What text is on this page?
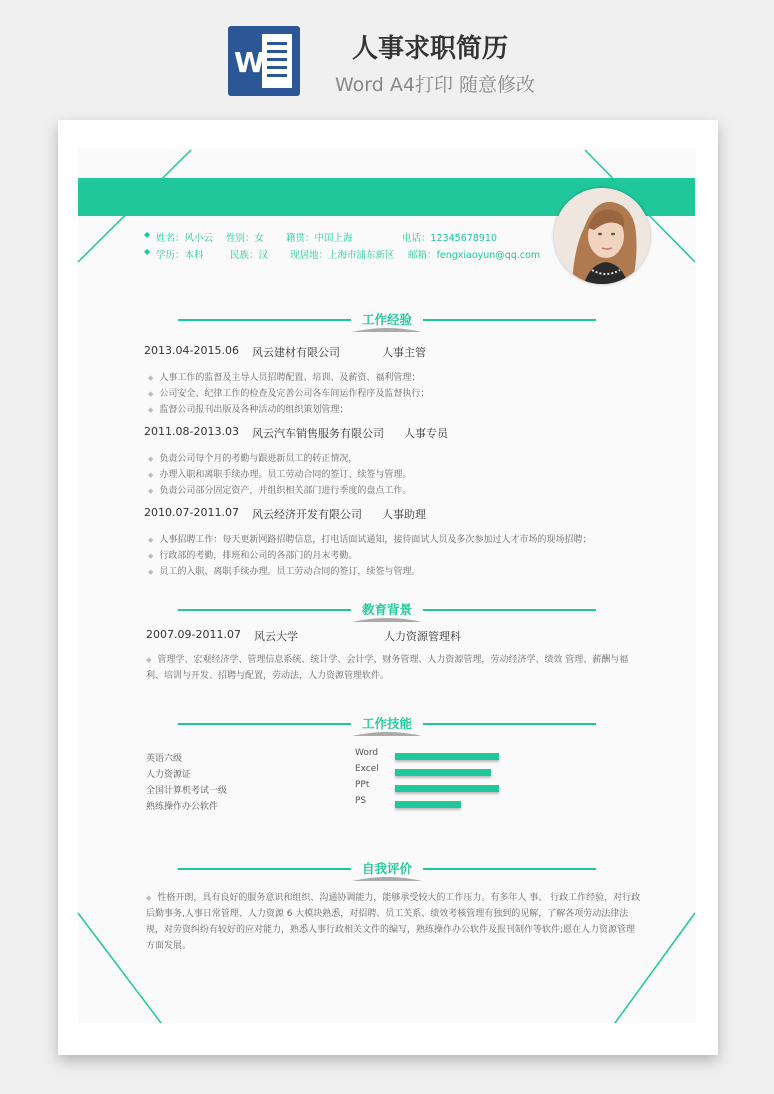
W	人事求职简历
Word A4打印 随意修改
◆ 姓名：风小云 性别：女 籍贯：中国上海	电话：12345678910
◆ 学历：本科	民族：汉 现居地：上海市浦东新区 邮箱：fengxiaoyun@qq.com
工作经验
2013.04-2015.06 风云建材有限公司	人事主管
◆ 人事工作的监督及主导人员招聘配置、培训、及薪资、福利管理；
◆ 公司安全、纪律工作的检查及完善公司各车间运作程序及监督执行；
◆ 监督公司报刊出版及各种活动的组织策划管理；
2011.08-2013.03 风云汽车销售服务有限公司 人事专员
◆ 负责公司每个月的考勤与跟进新员工的转正情况，
◆ 办理入职和离职手续办理。员工劳动合同的签订、续签与管理。
◆ 负责公司部分固定资产，并组织相关部门进行季度的盘点工作。
2010.07-2011.07 风云经济开发有限公司 人事助理
◆ 人事招聘工作：每天更新网路招聘信息，打电话面试通知，接待面试人员及多次参加过人才市场的现场招聘；
◆ 行政部的考勤，排班和公司的各部门的月末考勤。
◆ 员工的入职、离职手续办理。员工劳动合同的签订，续签与管理。
教育背景
2007.09-2011.07 风云大学	人力资源管理科
◆ 管理学、宏观经济学、管理信息系统、统计学、会计学、财务管理、人力资源管理，劳动经济学、绩效 管理、薪酬与福利、培训与开发、招聘与配置，劳动法，人力资源管理软件。
工作技能
英语六级
人力资源证
全国计算机考试一级
熟练操作办公软件
Word
Excel
PPt
PS
自我评价
◆ 性格开朗，具有良好的服务意识和组织、沟通协调能力，能够承受较大的工作压力。有多年人 事、 行政工作经验，对行政后勤事务,人事日常管理、人力资源 6 大模块熟悉，对招聘、员工关系、绩效考核管理有独到的见解，了解各项劳动法律法规，对劳资纠纷有较好的应对能力，熟悉人事行政相关文件的编写，熟练操作办公软件及报刊制作等软件;愿在人力资源管理方面发展。
